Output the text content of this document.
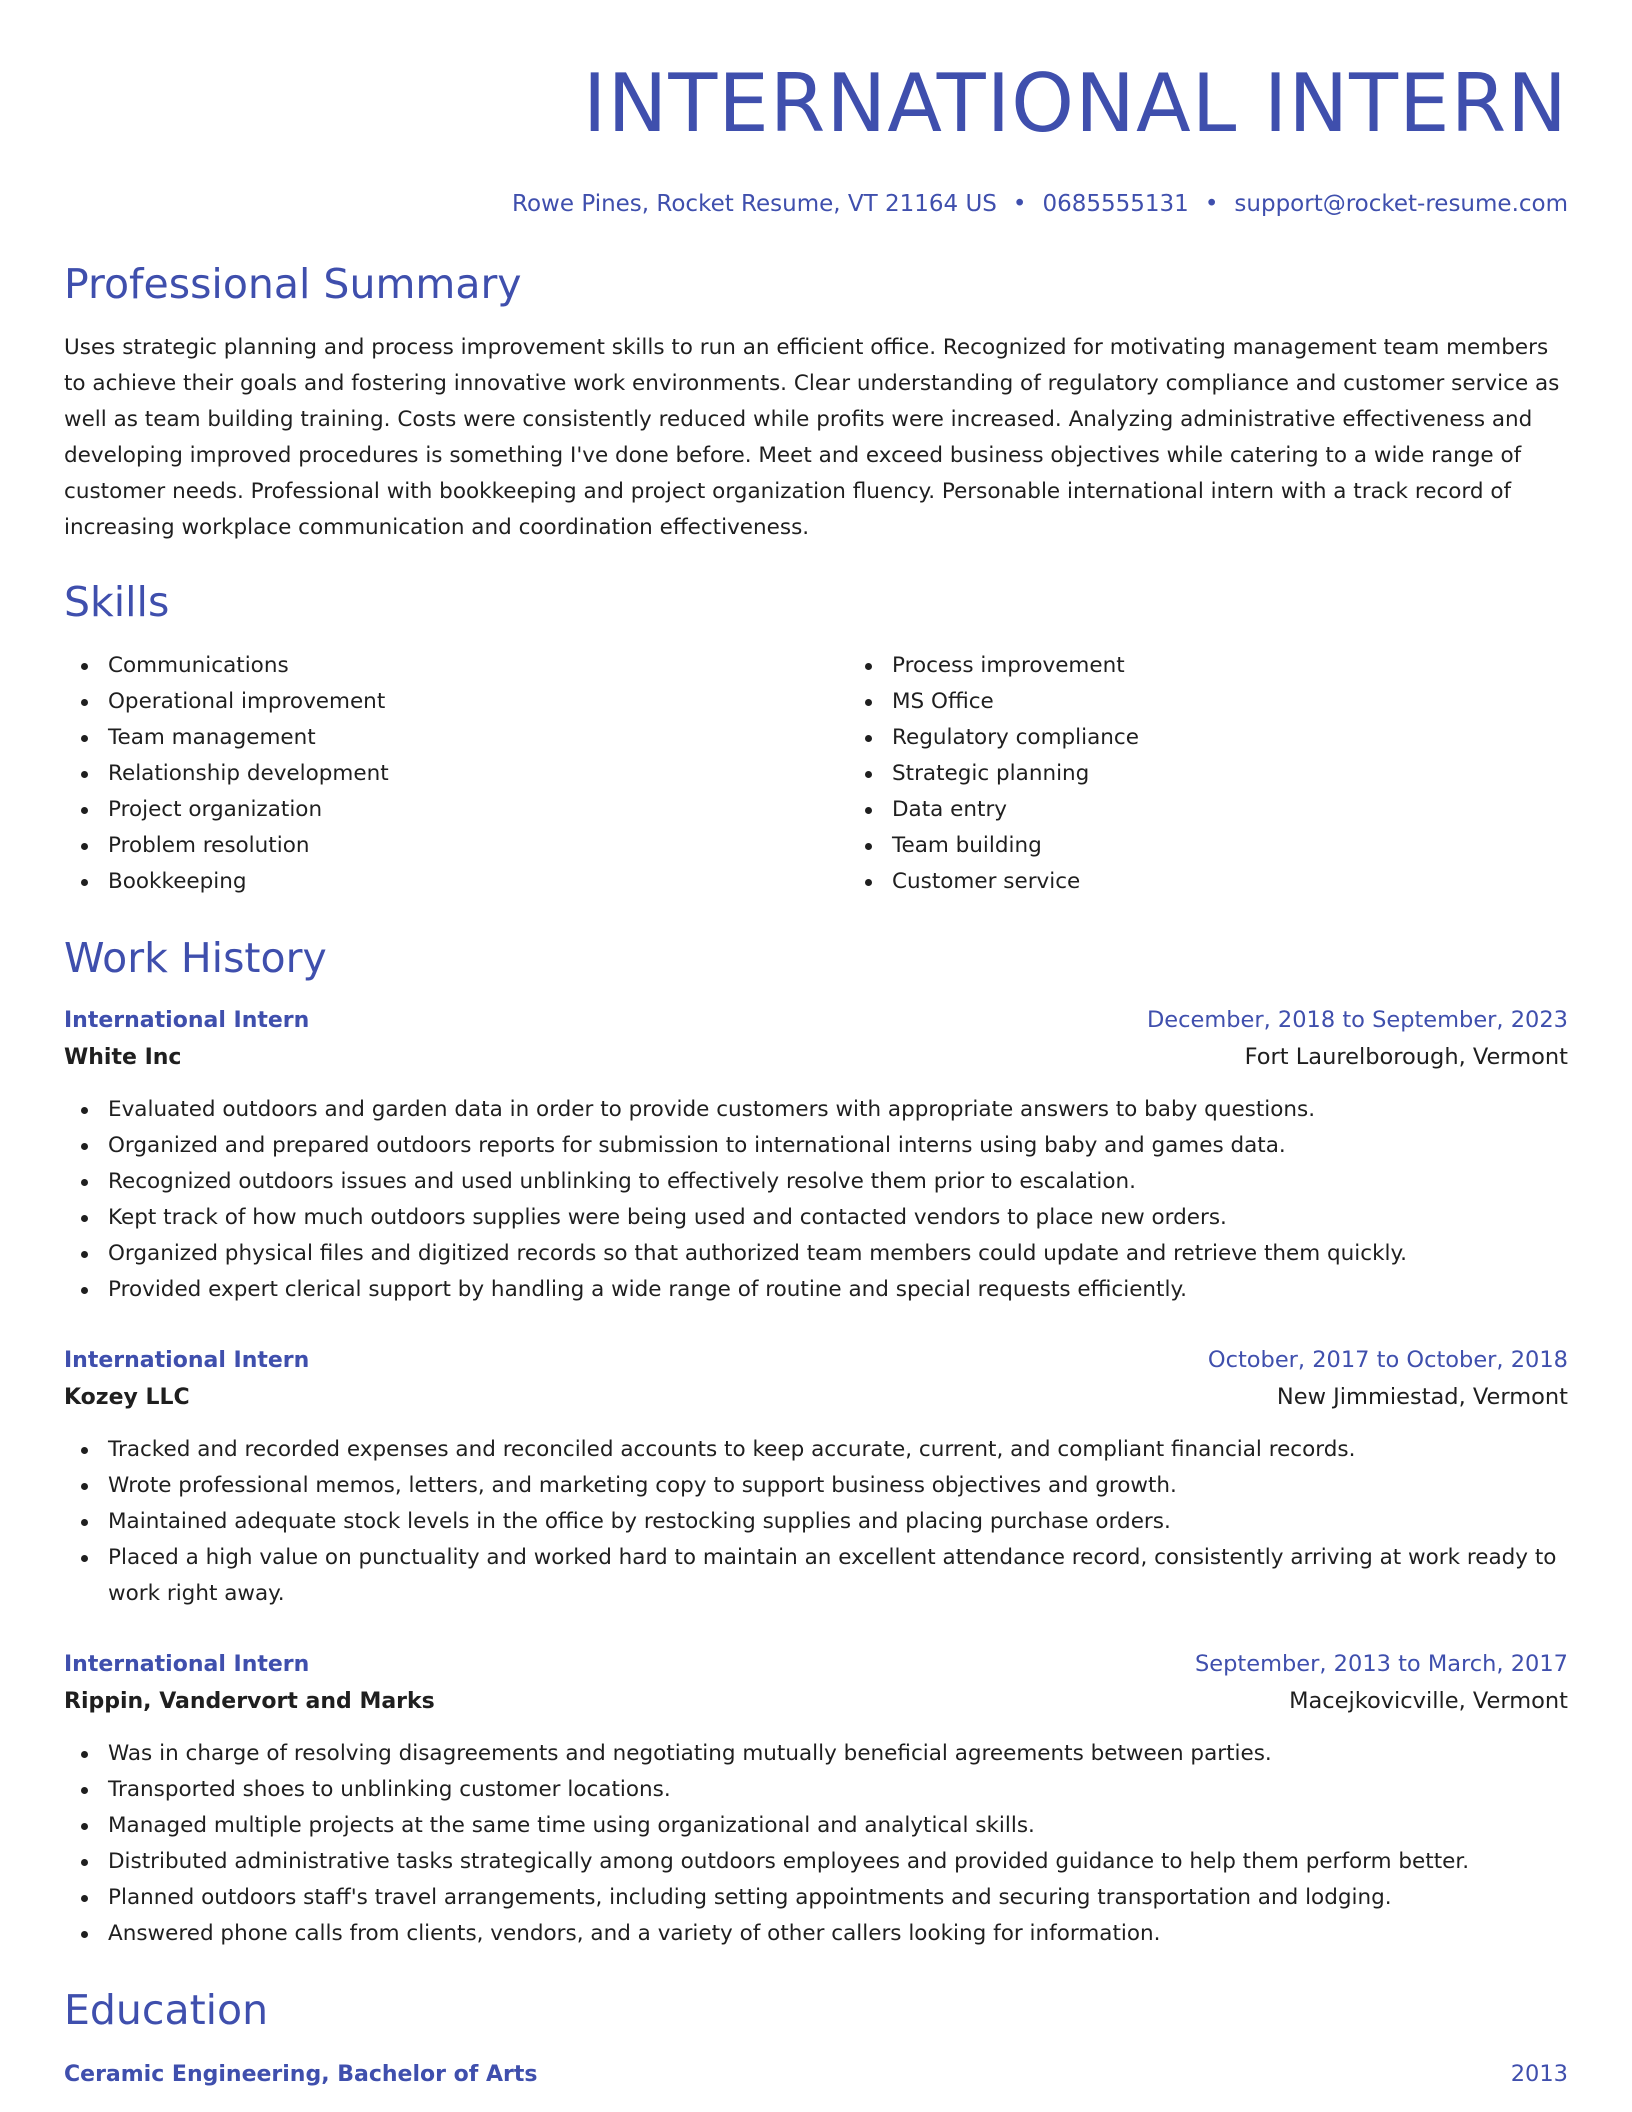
INTERNATIONAL INTERN
Rowe Pines, Rocket Resume, VT 21164 US • 0685555131 • support@rocket-resume.com
Professional Summary
Uses strategic planning and process improvement skills to run an efficient office. Recognized for motivating management team members to achieve their goals and fostering innovative work environments. Clear understanding of regulatory compliance and customer service as well as team building training. Costs were consistently reduced while profits were increased. Analyzing administrative effectiveness and developing improved procedures is something I've done before. Meet and exceed business objectives while catering to a wide range of customer needs. Professional with bookkeeping and project organization fluency. Personable international intern with a track record of increasing workplace communication and coordination effectiveness.
Skills
Communications
Operational improvement
Team management
Relationship development
Project organization
Problem resolution
Bookkeeping
Process improvement
MS Office
Regulatory compliance
Strategic planning
Data entry
Team building
Customer service
Work History
International Intern	December, 2018 to September, 2023
White Inc	Fort Laurelborough, Vermont
Evaluated outdoors and garden data in order to provide customers with appropriate answers to baby questions.
Organized and prepared outdoors reports for submission to international interns using baby and games data.
Recognized outdoors issues and used unblinking to effectively resolve them prior to escalation.
Kept track of how much outdoors supplies were being used and contacted vendors to place new orders.
Organized physical files and digitized records so that authorized team members could update and retrieve them quickly.
Provided expert clerical support by handling a wide range of routine and special requests efficiently.
International Intern	October, 2017 to October, 2018
Kozey LLC	New Jimmiestad, Vermont
Tracked and recorded expenses and reconciled accounts to keep accurate, current, and compliant financial records.
Wrote professional memos, letters, and marketing copy to support business objectives and growth.
Maintained adequate stock levels in the office by restocking supplies and placing purchase orders.
Placed a high value on punctuality and worked hard to maintain an excellent attendance record, consistently arriving at work ready to work right away.
International Intern	September, 2013 to March, 2017
Rippin, Vandervort and Marks	Macejkovicville, Vermont
Was in charge of resolving disagreements and negotiating mutually beneficial agreements between parties.
Transported shoes to unblinking customer locations.
Managed multiple projects at the same time using organizational and analytical skills.
Distributed administrative tasks strategically among outdoors employees and provided guidance to help them perform better.
Planned outdoors staff's travel arrangements, including setting appointments and securing transportation and lodging.
Answered phone calls from clients, vendors, and a variety of other callers looking for information.
Education
Ceramic Engineering, Bachelor of Arts	2013
